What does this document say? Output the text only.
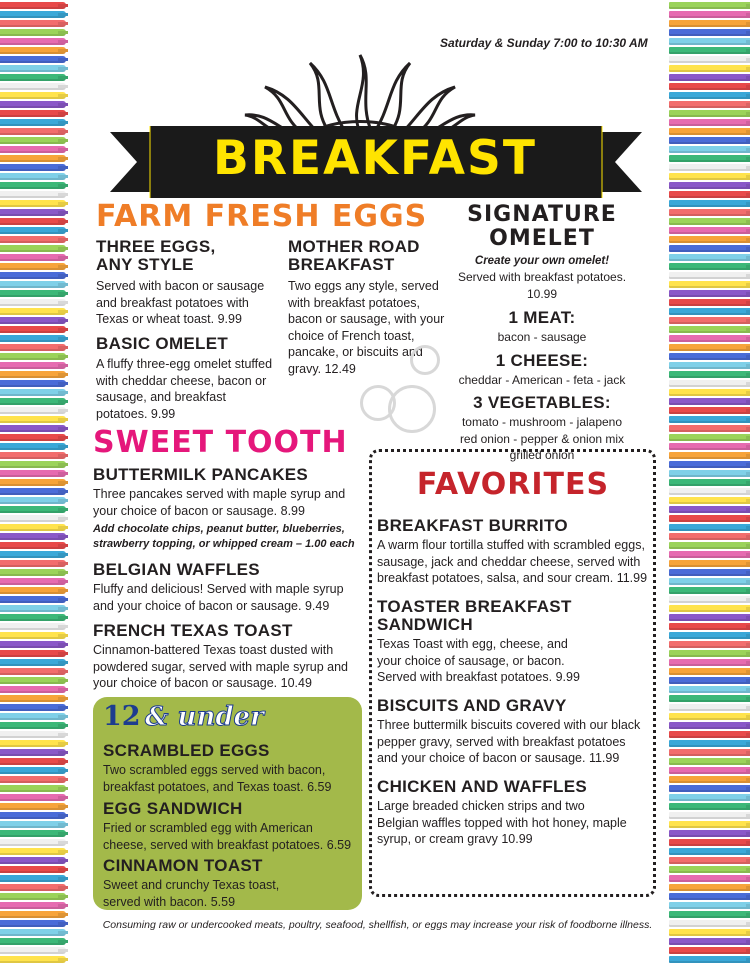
Saturday & Sunday 7:00 to 10:30 AM
BREAKFAST
FARM FRESH EGGS
THREE EGGS,
ANY STYLE
Served with bacon or sausage and breakfast potatoes with Texas or wheat toast. 9.99
MOTHER ROAD
BREAKFAST
Two eggs any style, served with breakfast potatoes, bacon or sausage, with your choice of French toast, pancake, or biscuits and gravy. 12.49
BASIC OMELET
A fluffy three-egg omelet stuffed with cheddar cheese, bacon or sausage, and breakfast potatoes. 9.99
SIGNATURE
OMELET
Create your own omelet!
Served with breakfast potatoes. 10.99
1 MEAT:
bacon - sausage
1 CHEESE:
cheddar - American - feta - jack
3 VEGETABLES:
tomato - mushroom - jalapeno
red onion - pepper & onion mix
grilled onion
SWEET TOOTH
BUTTERMILK PANCAKES
Three pancakes served with maple syrup and your choice of bacon or sausage. 8.99
Add chocolate chips, peanut butter, blueberries, strawberry topping, or whipped cream – 1.00 each
BELGIAN WAFFLES
Fluffy and delicious! Served with maple syrup and your choice of bacon or sausage. 9.49
FRENCH TEXAS TOAST
Cinnamon-battered Texas toast dusted with powdered sugar, served with maple syrup and your choice of bacon or sausage. 10.49
12 & under
SCRAMBLED EGGS
Two scrambled eggs served with bacon, breakfast potatoes, and Texas toast. 6.59
EGG SANDWICH
Fried or scrambled egg with American cheese, served with breakfast potatoes. 6.59
CINNAMON TOAST
Sweet and crunchy Texas toast, served with bacon. 5.59
FAVORITES
BREAKFAST BURRITO
A warm flour tortilla stuffed with scrambled eggs, sausage, jack and cheddar cheese, served with breakfast potatoes, salsa, and sour cream. 11.99
TOASTER BREAKFAST
SANDWICH
Texas Toast with egg, cheese, and your choice of sausage, or bacon. Served with breakfast potatoes. 9.99
BISCUITS AND GRAVY
Three buttermilk biscuits covered with our black pepper gravy, served with breakfast potatoes and your choice of bacon or sausage. 11.99
CHICKEN AND WAFFLES
Large breaded chicken strips and two Belgian waffles topped with hot honey, maple syrup, or cream gravy 10.99
Consuming raw or undercooked meats, poultry, seafood, shellfish, or eggs may increase your risk of foodborne illness.
